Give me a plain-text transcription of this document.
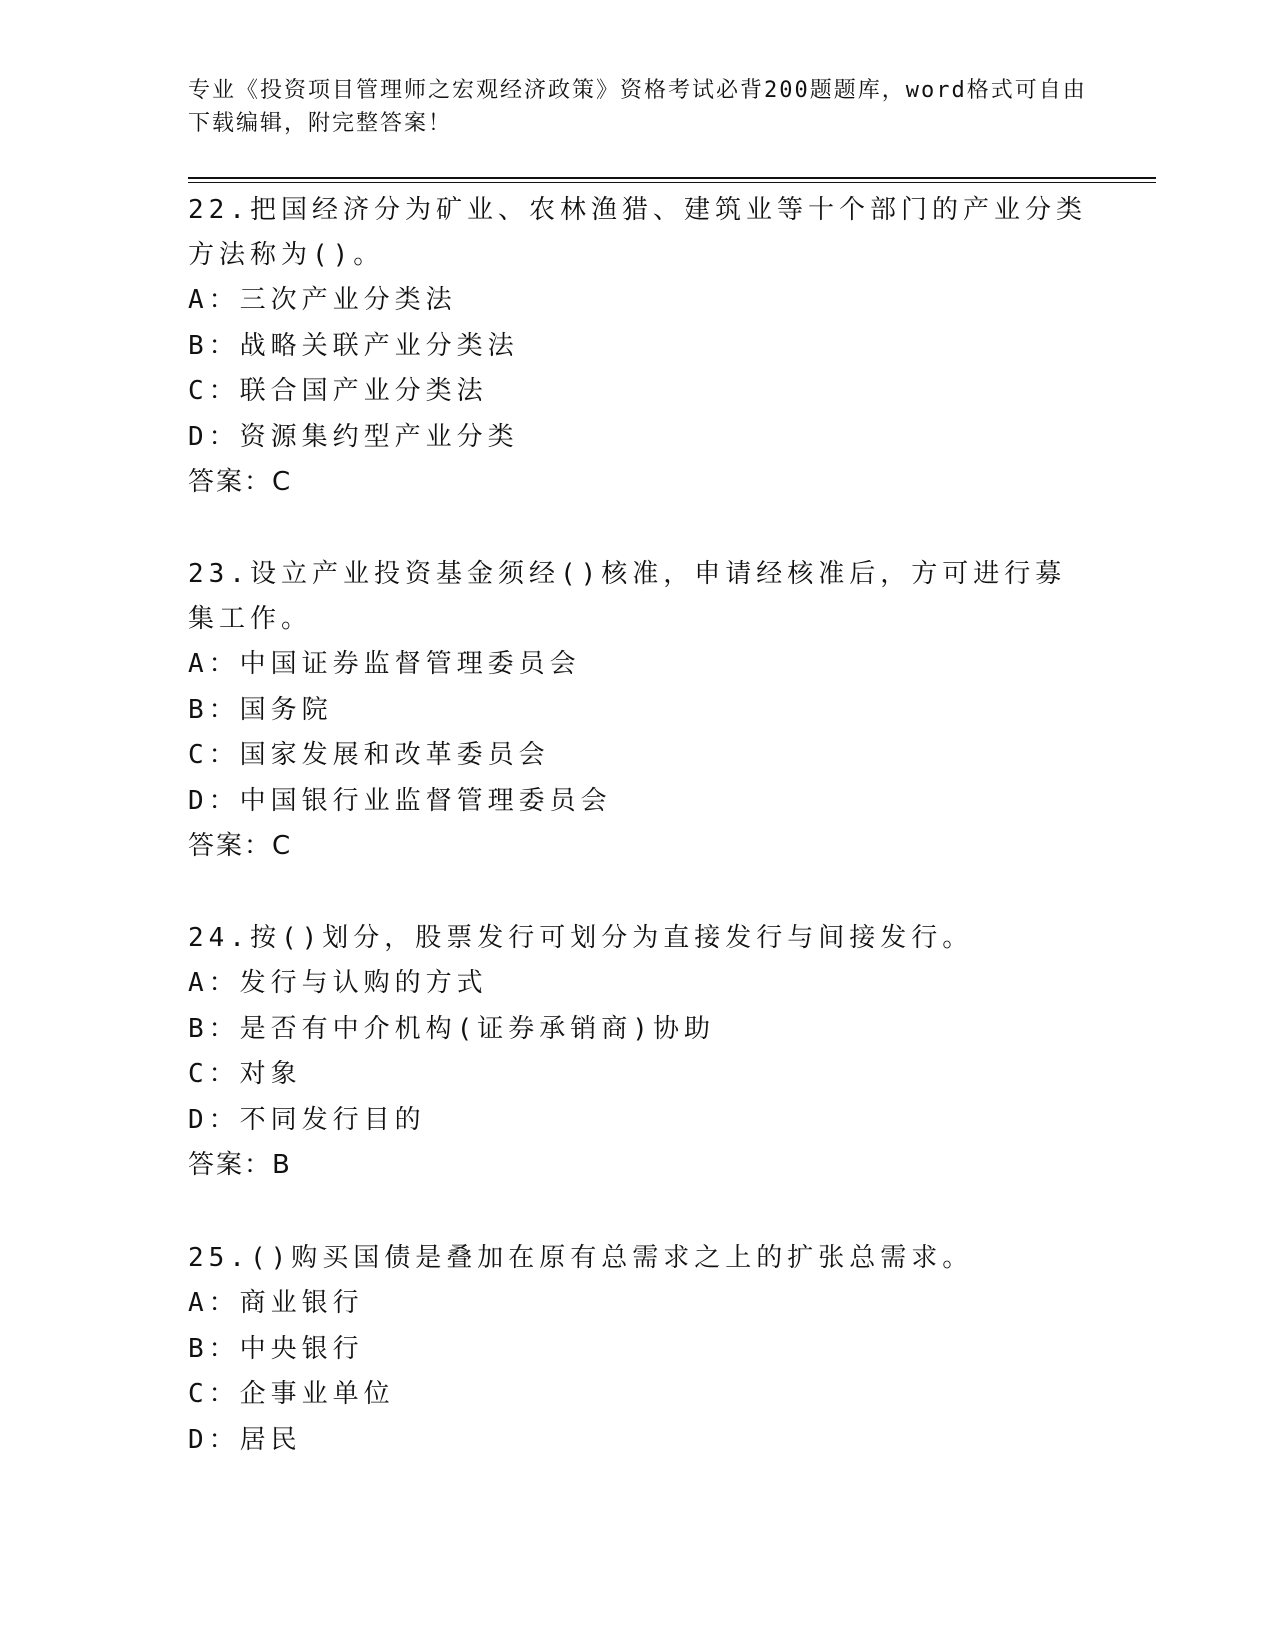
专业《投资项目管理师之宏观经济政策》资格考试必背200题题库，word格式可自由下载编辑，附完整答案！

22.把国经济分为矿业、农林渔猎、建筑业等十个部门的产业分类方法称为()。

A：三次产业分类法

B：战略关联产业分类法

C：联合国产业分类法

D：资源集约型产业分类

答案：C

23.设立产业投资基金须经()核准，申请经核准后，方可进行募集工作。

A：中国证券监督管理委员会

B：国务院

C：国家发展和改革委员会

D：中国银行业监督管理委员会

答案：C

24.按()划分，股票发行可划分为直接发行与间接发行。

A：发行与认购的方式

B：是否有中介机构(证券承销商)协助

C：对象

D：不同发行目的

答案：B

25.()购买国债是叠加在原有总需求之上的扩张总需求。

A：商业银行

B：中央银行

C：企事业单位

D：居民
